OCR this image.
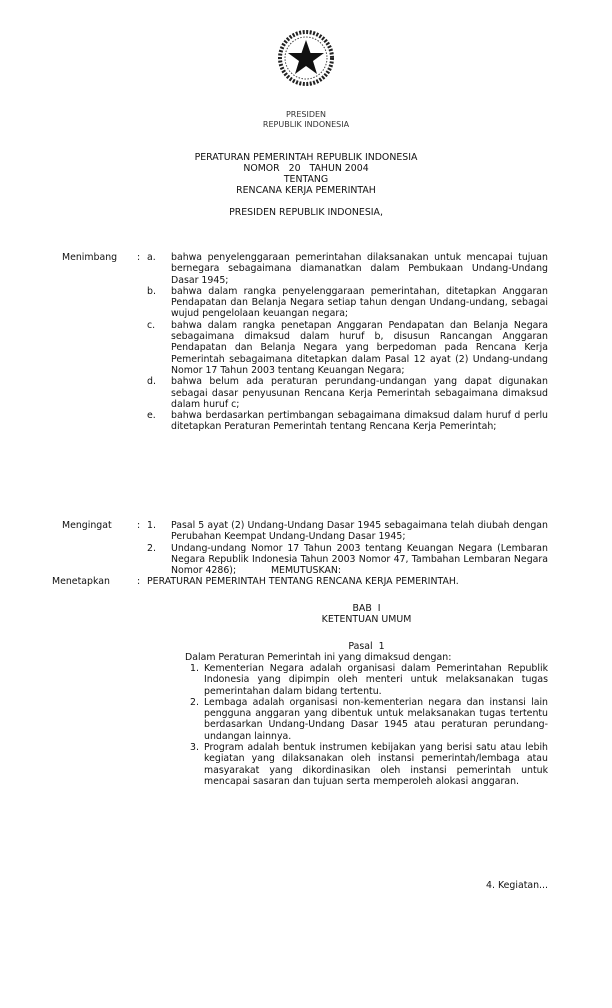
PRESIDEN
REPUBLIK INDONESIA
PERATURAN PEMERINTAH REPUBLIK INDONESIA
NOMOR   20   TAHUN 2004
TENTANG
RENCANA KERJA PEMERINTAH
PRESIDEN REPUBLIK INDONESIA,
Menimbang : a. bahwa penyelenggaraan pemerintahan dilaksanakan untuk mencapai tujuan bernegara sebagaimana diamanatkan dalam Pembukaan Undang-Undang Dasar 1945;
b. bahwa dalam rangka penyelenggaraan pemerintahan, ditetapkan Anggaran Pendapatan dan Belanja Negara setiap tahun dengan Undang-undang, sebagai wujud pengelolaan keuangan negara;
c. bahwa dalam rangka penetapan Anggaran Pendapatan dan Belanja Negara sebagaimana dimaksud dalam huruf b, disusun Rancangan Anggaran Pendapatan dan Belanja Negara yang berpedoman pada Rencana Kerja Pemerintah sebagaimana ditetapkan dalam Pasal 12 ayat (2) Undang-undang Nomor 17 Tahun 2003 tentang Keuangan Negara;
d. bahwa belum ada peraturan perundang-undangan yang dapat digunakan sebagai dasar penyusunan Rencana Kerja Pemerintah sebagaimana dimaksud dalam huruf c;
e. bahwa berdasarkan pertimbangan sebagaimana dimaksud dalam huruf d perlu ditetapkan Peraturan Pemerintah tentang Rencana Kerja Pemerintah;
Mengingat	: 1. Pasal 5 ayat (2) Undang-Undang Dasar 1945 sebagaimana telah diubah dengan Perubahan Keempat Undang-Undang Dasar 1945;
2. Undang-undang Nomor 17 Tahun 2003 tentang Keuangan Negara (Lembaran Negara Republik Indonesia Tahun 2003 Nomor 47, Tambahan Lembaran Negara Nomor 4286);	MEMUTUSKAN:
Menetapkan	: PERATURAN PEMERINTAH TENTANG RENCANA KERJA PEMERINTAH.
BAB  I
KETENTUAN UMUM
Pasal  1
Dalam Peraturan Pemerintah ini yang dimaksud dengan:
1. Kementerian Negara adalah organisasi dalam Pemerintahan Republik Indonesia yang dipimpin oleh menteri untuk melaksanakan tugas pemerintahan dalam bidang tertentu.
2. Lembaga adalah organisasi non-kementerian negara dan instansi lain pengguna anggaran yang dibentuk untuk melaksanakan tugas tertentu berdasarkan Undang-Undang Dasar 1945 atau peraturan perundang-undangan lainnya.
3. Program adalah bentuk instrumen kebijakan yang berisi satu atau lebih kegiatan yang dilaksanakan oleh instansi pemerintah/lembaga atau masyarakat yang dikordinasikan oleh instansi pemerintah untuk mencapai sasaran dan tujuan serta memperoleh alokasi anggaran.
4. Kegiatan...
